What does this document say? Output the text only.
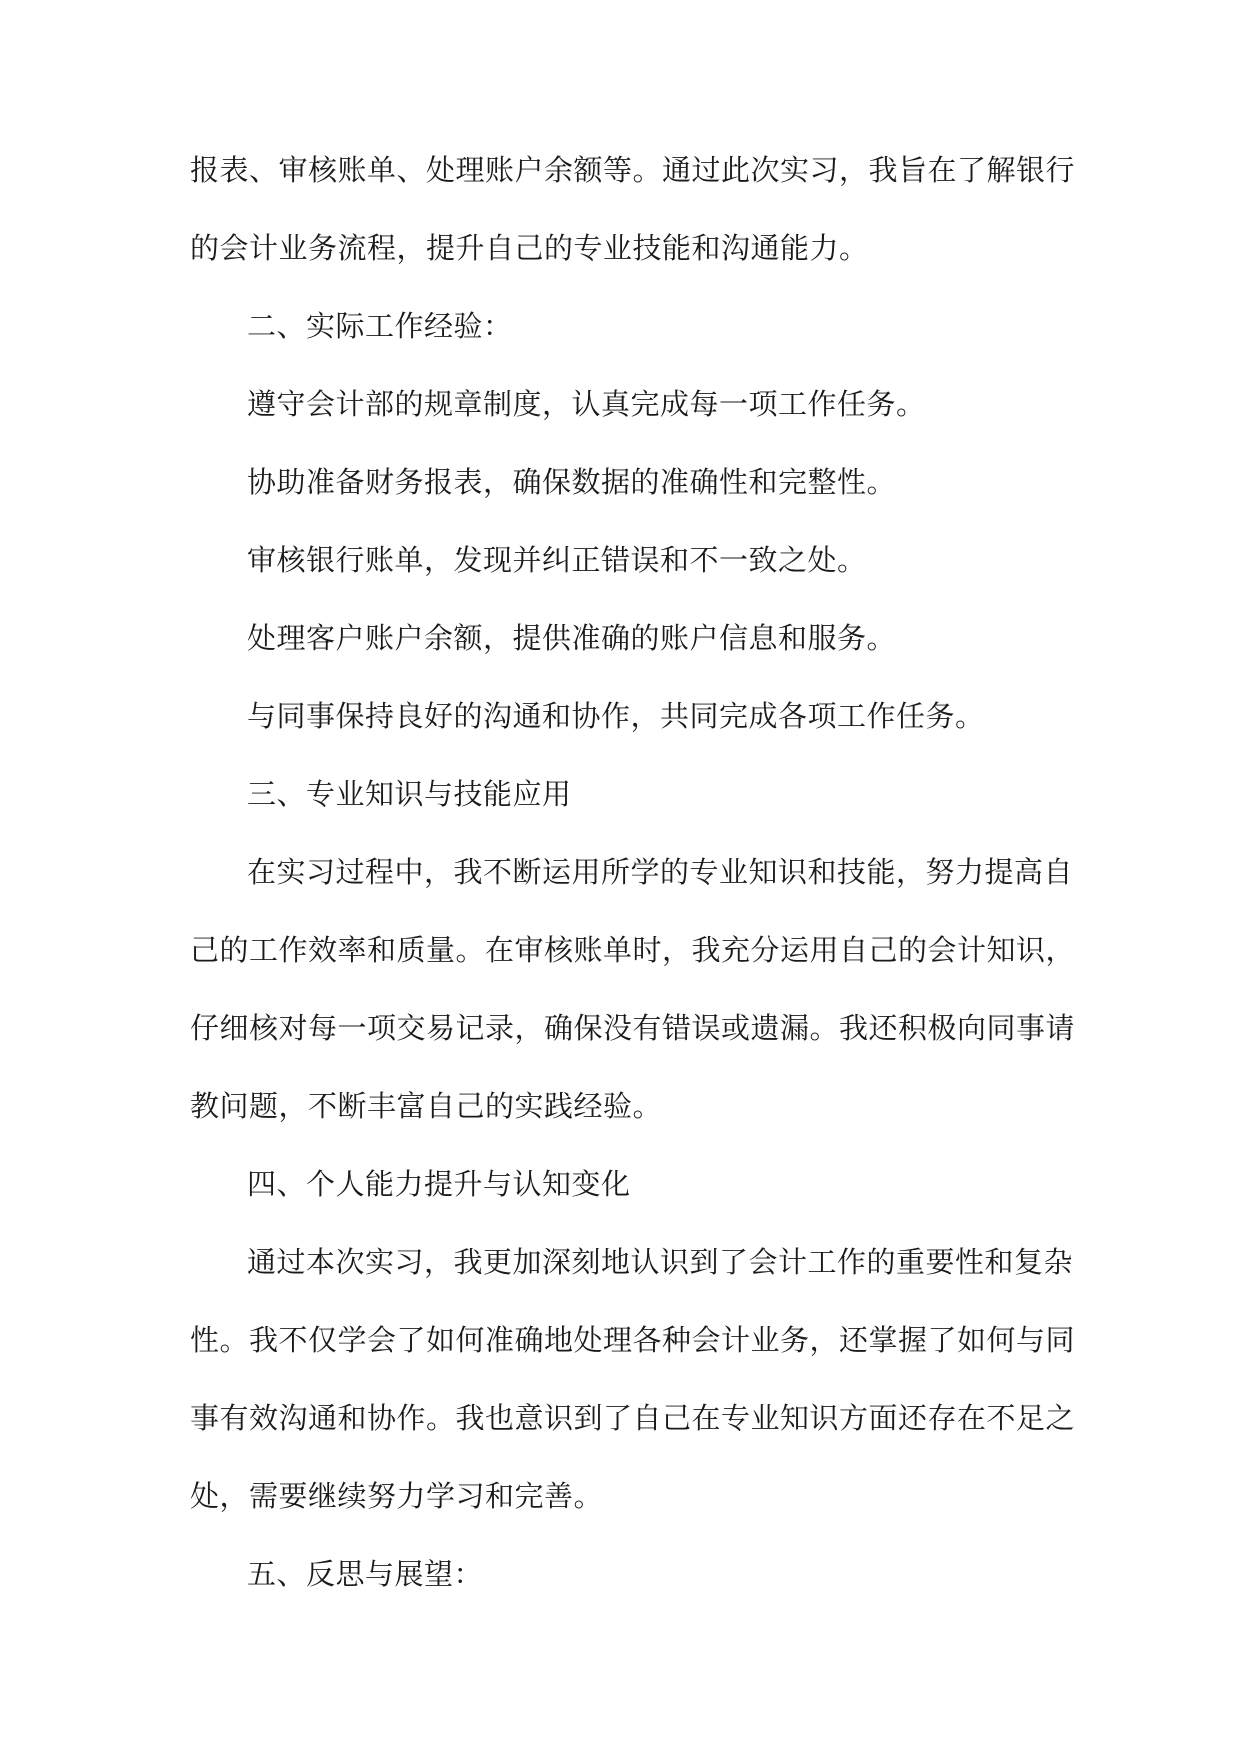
报表、审核账单、处理账户余额等。通过此次实习，我旨在了解银行
的会计业务流程，提升自己的专业技能和沟通能力。
二、实际工作经验：
遵守会计部的规章制度，认真完成每一项工作任务。
协助准备财务报表，确保数据的准确性和完整性。
审核银行账单，发现并纠正错误和不一致之处。
处理客户账户余额，提供准确的账户信息和服务。
与同事保持良好的沟通和协作，共同完成各项工作任务。
三、专业知识与技能应用
在实习过程中，我不断运用所学的专业知识和技能，努力提高自
己的工作效率和质量。在审核账单时，我充分运用自己的会计知识，
仔细核对每一项交易记录，确保没有错误或遗漏。我还积极向同事请
教问题，不断丰富自己的实践经验。
四、个人能力提升与认知变化
通过本次实习，我更加深刻地认识到了会计工作的重要性和复杂
性。我不仅学会了如何准确地处理各种会计业务，还掌握了如何与同
事有效沟通和协作。我也意识到了自己在专业知识方面还存在不足之
处，需要继续努力学习和完善。
五、反思与展望：
